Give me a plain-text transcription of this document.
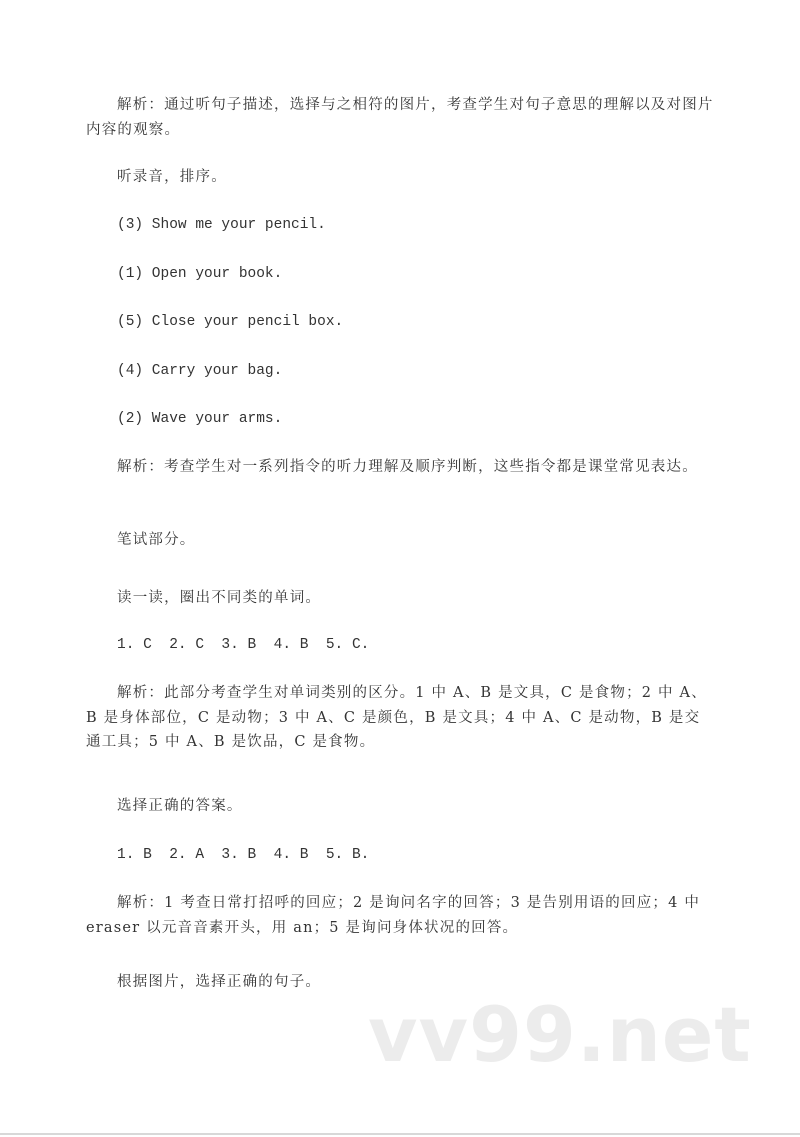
解析：通过听句子描述，选择与之相符的图片，考查学生对句子意思的理解以及对图片内容的观察。

听录音，排序。

(3) Show me your pencil.

(1) Open your book.

(5) Close your pencil box.

(4) Carry your bag.

(2) Wave your arms.

解析：考查学生对一系列指令的听力理解及顺序判断，这些指令都是课堂常见表达。

笔试部分。

读一读，圈出不同类的单词。

1. C  2. C  3. B  4. B  5. C.

解析：此部分考查学生对单词类别的区分。1 中 A、B 是文具，C 是食物；2 中 A、B 是身体部位，C 是动物；3 中 A、C 是颜色，B 是文具；4 中 A、C 是动物，B 是交通工具；5 中 A、B 是饮品，C 是食物。

选择正确的答案。

1. B  2. A  3. B  4. B  5. B.

解析：1 考查日常打招呼的回应；2 是询问名字的回答；3 是告别用语的回应；4 中 eraser 以元音音素开头，用 an；5 是询问身体状况的回答。

根据图片，选择正确的句子。

vv99.net
